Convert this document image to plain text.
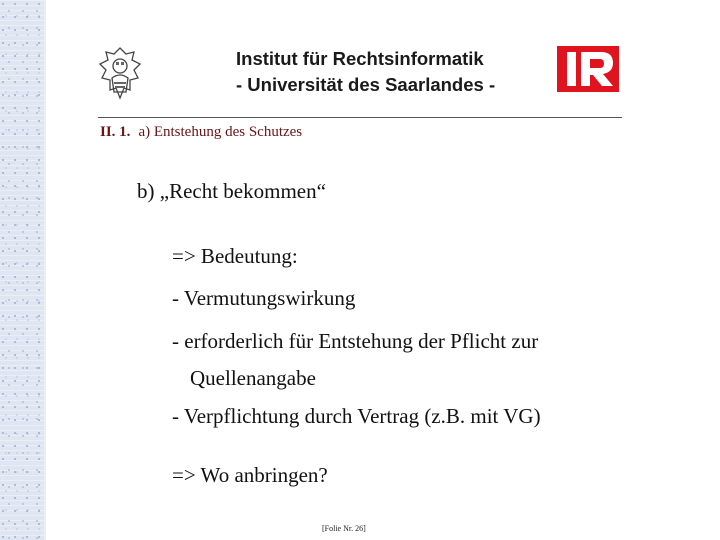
Institut für Rechtsinformatik
- Universität des Saarlandes -
II. 1. a) Entstehung des Schutzes
b) „Recht bekommen“
=> Bedeutung:
- Vermutungswirkung
- erforderlich für Entstehung der Pflicht zur
Quellenangabe
- Verpflichtung durch Vertrag (z.B. mit VG)
=> Wo anbringen?
[Folie Nr. 26]
